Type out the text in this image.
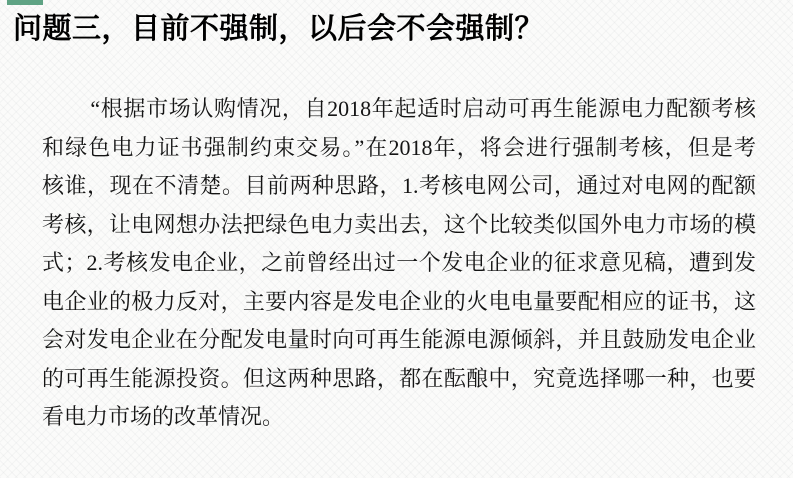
问题三，目前不强制，以后会不会强制？
“根据市场认购情况，自2018年起适时启动可再生能源电力配额考核
和绿色电力证书强制约束交易。”在2018年，将会进行强制考核，但是考
核谁，现在不清楚。目前两种思路，1.考核电网公司，通过对电网的配额
考核，让电网想办法把绿色电力卖出去，这个比较类似国外电力市场的模
式；2.考核发电企业，之前曾经出过一个发电企业的征求意见稿，遭到发
电企业的极力反对，主要内容是发电企业的火电电量要配相应的证书，这
会对发电企业在分配发电量时向可再生能源电源倾斜，并且鼓励发电企业
的可再生能源投资。但这两种思路，都在酝酿中，究竟选择哪一种，也要
看电力市场的改革情况。
